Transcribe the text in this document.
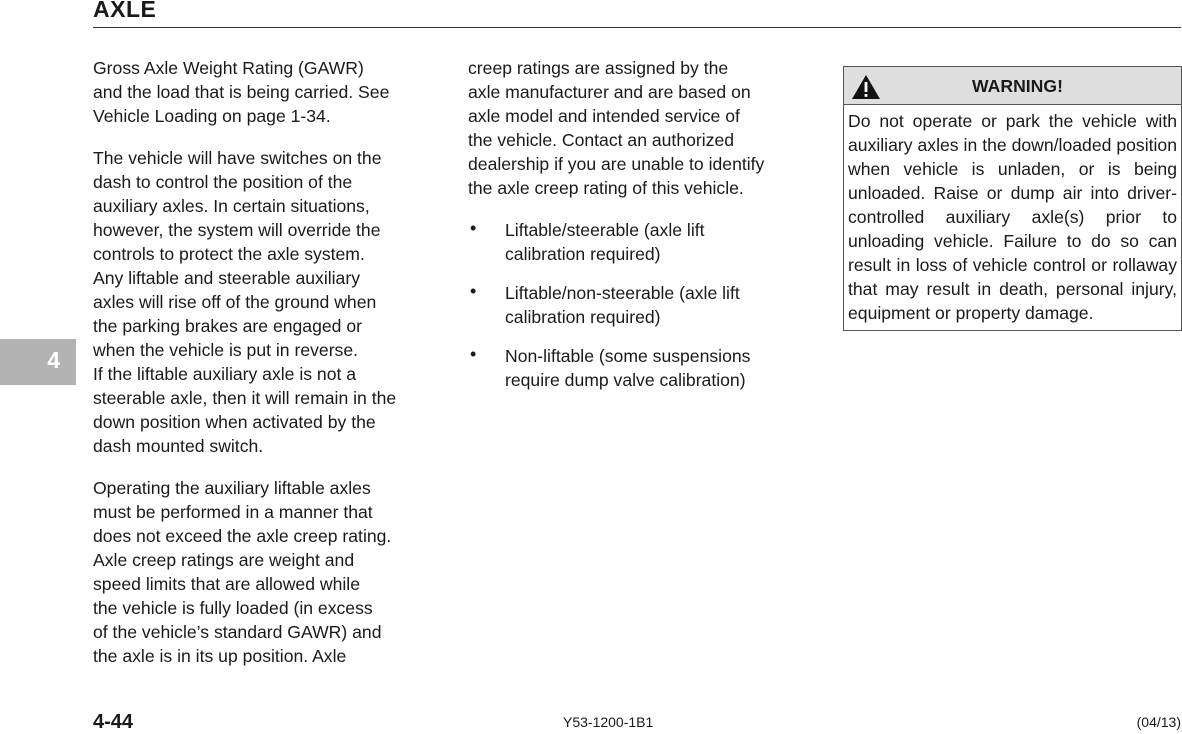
AXLE
4

Gross Axle Weight Rating (GAWR)

and the load that is being carried. See

Vehicle Loading on page 1-34.

The vehicle will have switches on the

dash to control the position of the

auxiliary axles. In certain situations,

however, the system will override the

controls to protect the axle system.

Any liftable and steerable auxiliary

axles will rise off of the ground when

the parking brakes are engaged or

when the vehicle is put in reverse.

If the liftable auxiliary axle is not a

steerable axle, then it will remain in the

down position when activated by the

dash mounted switch.

Operating the auxiliary liftable axles

must be performed in a manner that

does not exceed the axle creep rating.

Axle creep ratings are weight and

speed limits that are allowed while

the vehicle is fully loaded (in excess

of the vehicle’s standard GAWR) and

the axle is in its up position. Axle

creep ratings are assigned by the

axle manufacturer and are based on

axle model and intended service of

the vehicle. Contact an authorized

dealership if you are unable to identify

the axle creep rating of this vehicle.

• Liftable/steerable (axle lift

calibration required)

• Liftable/non-steerable (axle lift

calibration required)

• Non-liftable (some suspensions

require dump valve calibration)

WARNING!
Do not operate or park the vehicle with auxiliary axles in the down/loaded position when vehicle is unladen, or is being unloaded. Raise or dump air into driver-controlled auxiliary axle(s) prior to unloading vehicle. Failure to do so can result in loss of vehicle control or rollaway that may result in death, personal injury, equipment or property damage.
4-44	Y53-1200-1B1	(04/13)
